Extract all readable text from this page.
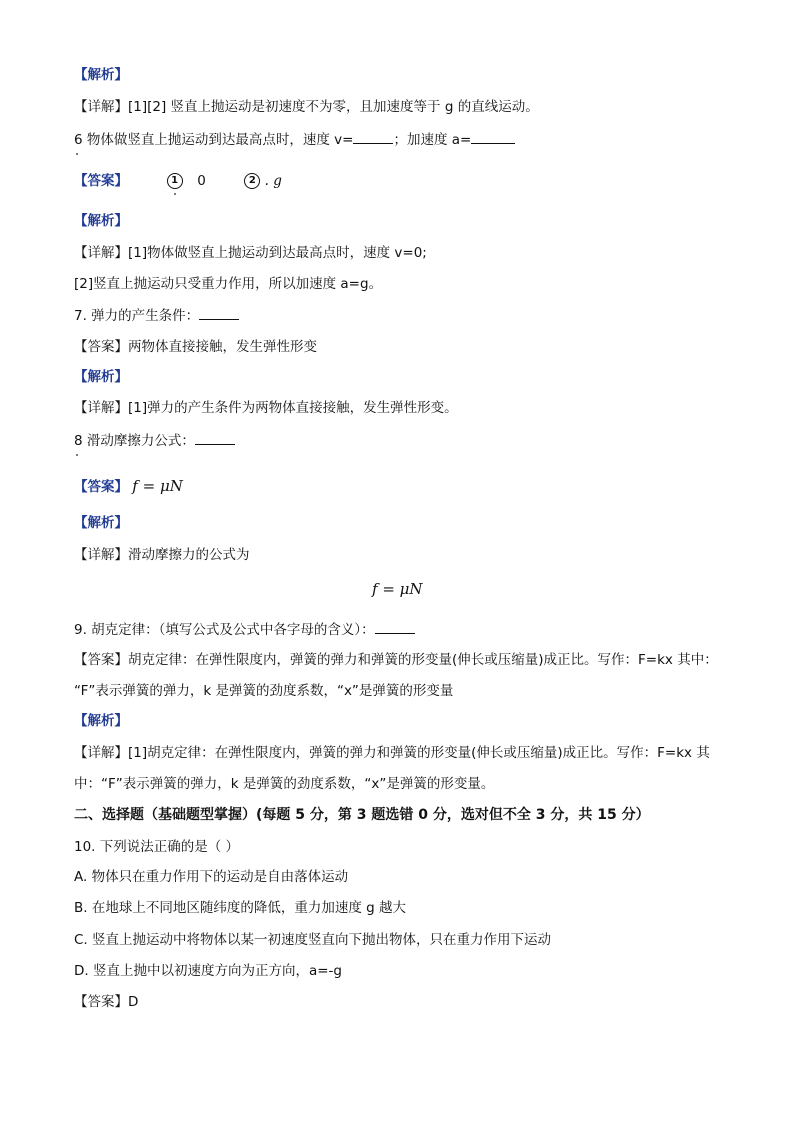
【解析】
【详解】[1][2] 竖直上抛运动是初速度不为零，且加速度等于 g 的直线运动。
6 物体做竖直上抛运动到达最高点时，速度 v=	；加速度 a=
【答案】	1 0	2 . g
【解析】
【详解】[1]物体做竖直上抛运动到达最高点时，速度 v=0;
[2]竖直上抛运动只受重力作用，所以加速度 a=g。
7. 弹力的产生条件：
【答案】两物体直接接触，发生弹性形变
【解析】
【详解】[1]弹力的产生条件为两物体直接接触，发生弹性形变。
8 滑动摩擦力公式：
【答案】 f = μN
【解析】
【详解】滑动摩擦力的公式为
f = μN
9. 胡克定律：（填写公式及公式中各字母的含义）：
【答案】胡克定律：在弹性限度内，弹簧的弹力和弹簧的形变量(伸长或压缩量)成正比。写作：F=kx 其中：
“F”表示弹簧的弹力，k 是弹簧的劲度系数，“x”是弹簧的形变量
【解析】
【详解】[1]胡克定律：在弹性限度内，弹簧的弹力和弹簧的形变量(伸长或压缩量)成正比。写作：F=kx 其
中：“F”表示弹簧的弹力，k 是弹簧的劲度系数，“x”是弹簧的形变量。
二、选择题（基础题型掌握）(每题 5 分，第 3 题选错 0 分，选对但不全 3 分，共 15 分）
10. 下列说法正确的是（ ）
A. 物体只在重力作用下的运动是自由落体运动
B. 在地球上不同地区随纬度的降低，重力加速度 g 越大
C. 竖直上抛运动中将物体以某一初速度竖直向下抛出物体，只在重力作用下运动
D. 竖直上抛中以初速度方向为正方向，a=-g
【答案】D
